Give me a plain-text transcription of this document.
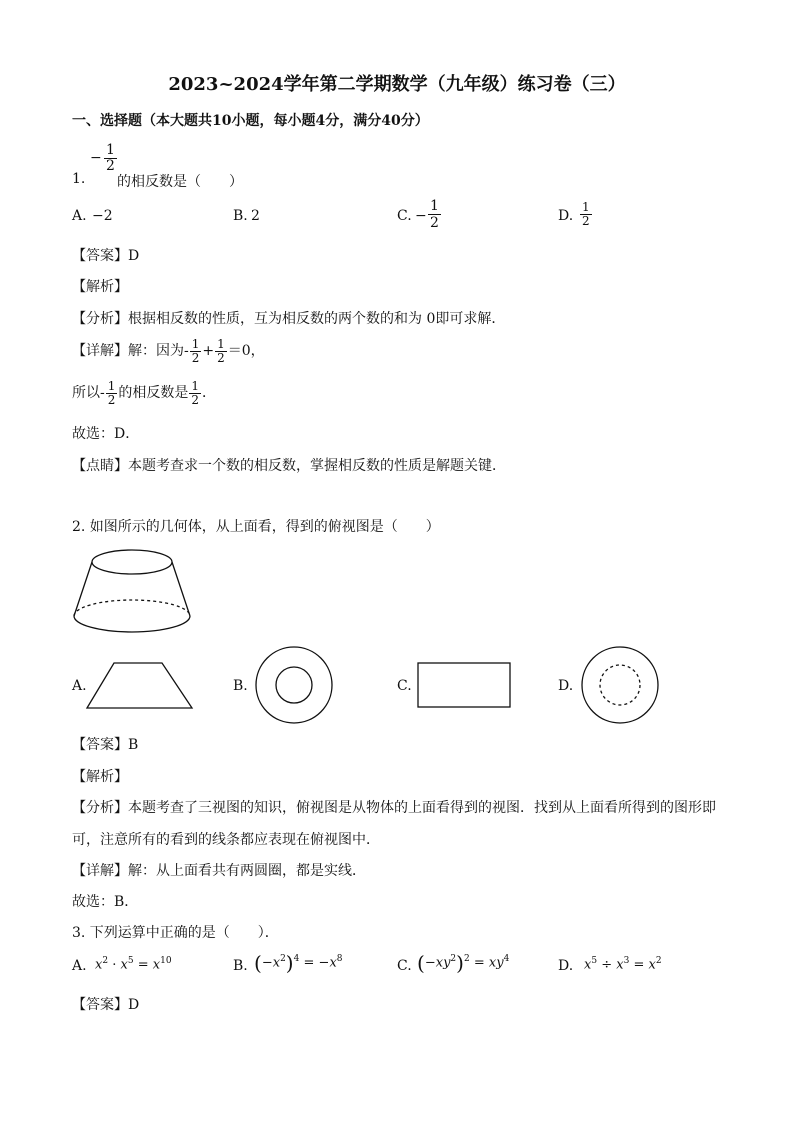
2023~2024学年第二学期数学（九年级）练习卷（三）
一、选择题（本大题共10小题，每小题4分，满分40分）
−
1.
$\frac{1}{2}$
的相反数是（　　）
A. −2	B. 2	C. −
1
2	D.
1
2
【答案】D
【解析】
【分析】根据相反数的性质，互为相反数的两个数的和为 0即可求解．
【详解】解：因为- $\frac{1}{2} + \frac{1}{2} =0$，
所以- $\frac{1}{2}$ 的相反数是 $\frac{1}{2}$ ．
故选：D．
【点睛】本题考查求一个数的相反数，掌握相反数的性质是解题关键．
2. 如图所示的几何体，从上面看，得到的俯视图是（　　）
A.	B.	C.	D.
【答案】B
【解析】
【分析】本题考查了三视图的知识，俯视图是从物体的上面看得到的视图．找到从上面看所得到的图形即
可，注意所有的看到的线条都应表现在俯视图中．
【详解】解：从上面看共有两圆圈，都是实线．
故选：B．
3. 下列运算中正确的是（　　）．
A. $x^2 \cdot x^5 = x^{10}$	B. $(-x^2)^4 = -x^8$	C. $(-xy^2)^2 = xy^4$	D. $x^5 \div x^3 = x^2$
【答案】D
